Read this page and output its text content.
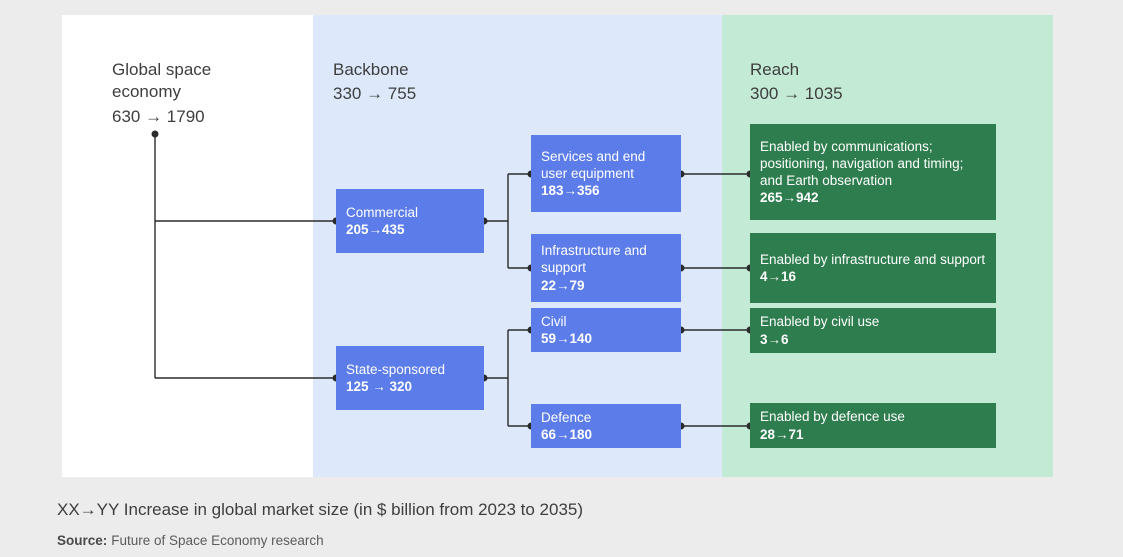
Global space economy
630 → 1790
Backbone
330 → 755
Reach
300 → 1035
Commercial
205→435
State-sponsored
125 → 320
Services and end user equipment
183→356
Infrastructure and support
22→79
Civil
59→140
Defence
66→180
Enabled by communications; positioning, navigation and timing; and Earth observation
265→942
Enabled by infrastructure and support
4→16
Enabled by civil use
3→6
Enabled by defence use
28→71
XX→YY Increase in global market size (in $ billion from 2023 to 2035)
Source: Future of Space Economy research
